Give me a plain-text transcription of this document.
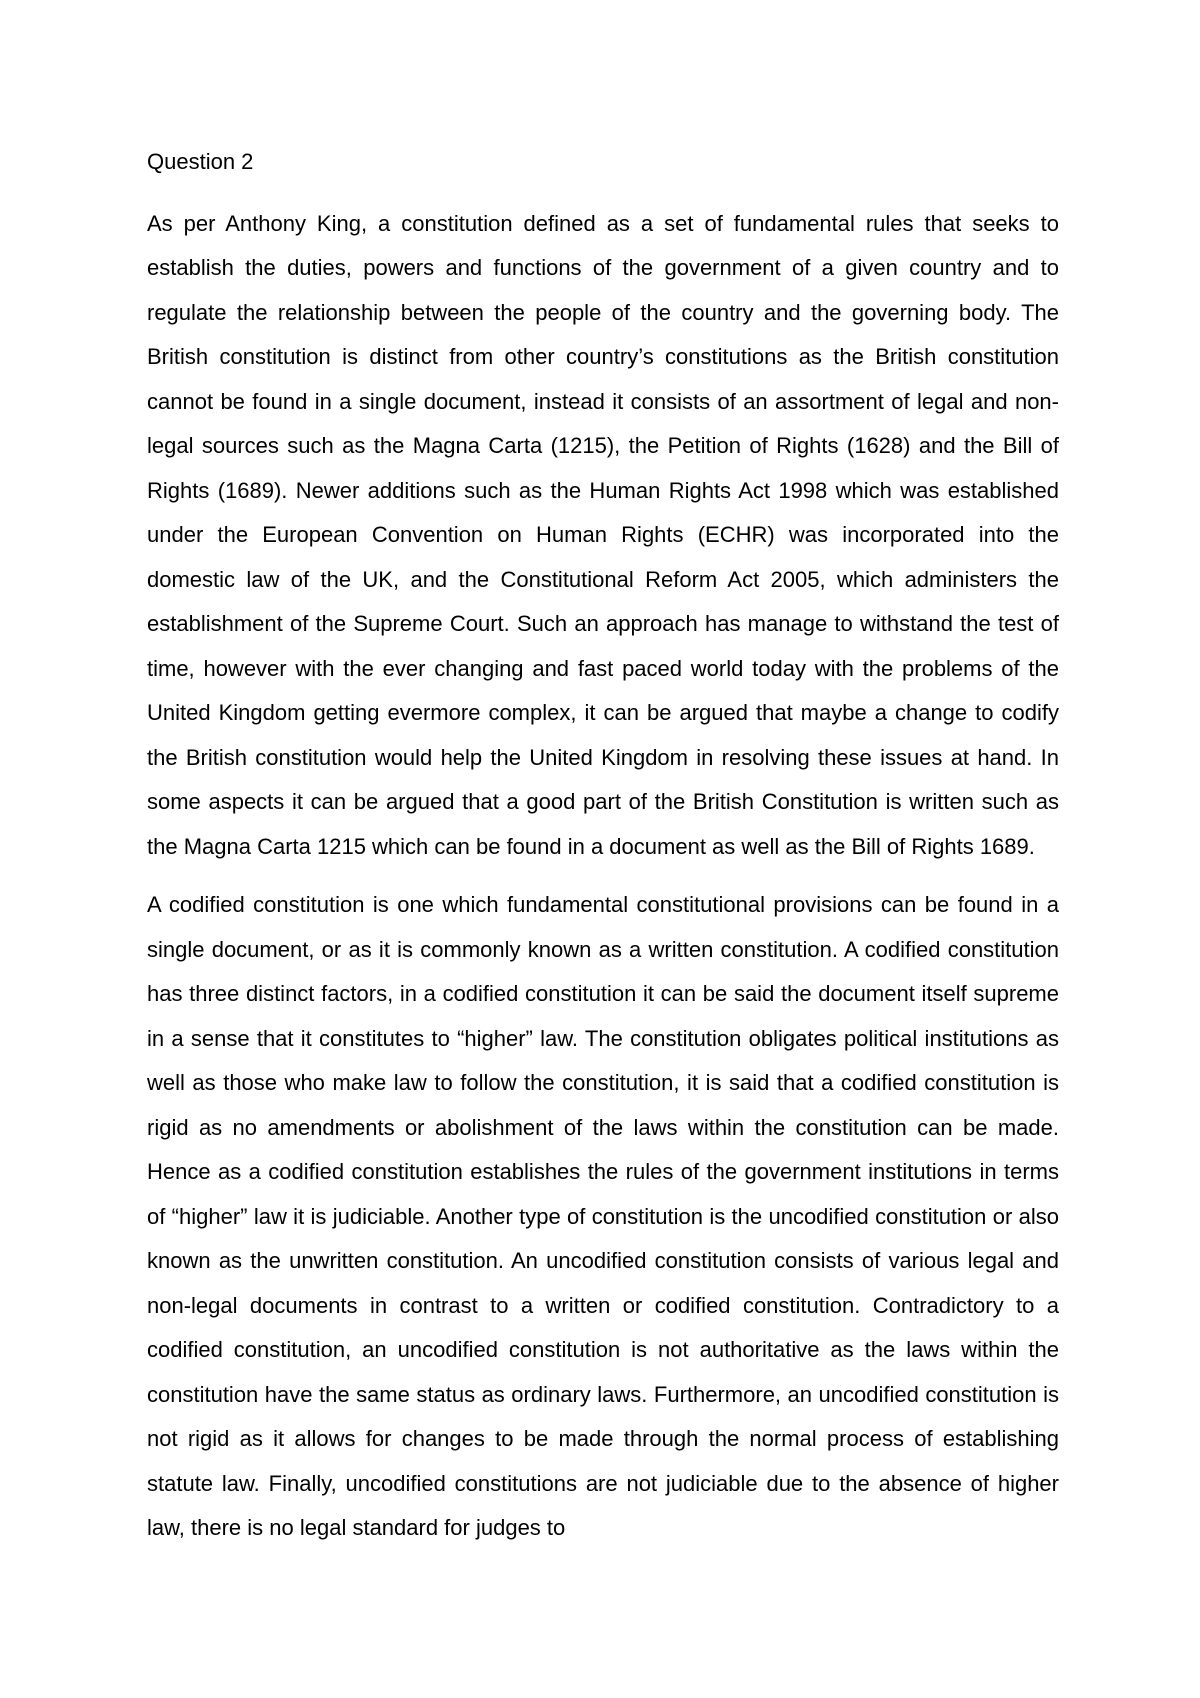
Question 2

As per Anthony King, a constitution defined as a set of fundamental rules that seeks to establish the duties, powers and functions of the government of a given country and to regulate the relationship between the people of the country and the governing body. The British constitution is distinct from other country’s constitutions as the British constitution cannot be found in a single document, instead it consists of an assortment of legal and non-legal sources such as the Magna Carta (1215), the Petition of Rights (1628) and the Bill of Rights (1689). Newer additions such as the Human Rights Act 1998 which was established under the European Convention on Human Rights (ECHR) was incorporated into the domestic law of the UK, and the Constitutional Reform Act 2005, which administers the establishment of the Supreme Court. Such an approach has manage to withstand the test of time, however with the ever changing and fast paced world today with the problems of the United Kingdom getting evermore complex, it can be argued that maybe a change to codify the British constitution would help the United Kingdom in resolving these issues at hand. In some aspects it can be argued that a good part of the British Constitution is written such as the Magna Carta 1215 which can be found in a document as well as the Bill of Rights 1689.

A codified constitution is one which fundamental constitutional provisions can be found in a single document, or as it is commonly known as a written constitution. A codified constitution has three distinct factors, in a codified constitution it can be said the document itself supreme in a sense that it constitutes to “higher” law. The constitution obligates political institutions as well as those who make law to follow the constitution, it is said that a codified constitution is rigid as no amendments or abolishment of the laws within the constitution can be made. Hence as a codified constitution establishes the rules of the government institutions in terms of “higher” law it is judiciable. Another type of constitution is the uncodified constitution or also known as the unwritten constitution. An uncodified constitution consists of various legal and non-legal documents in contrast to a written or codified constitution. Contradictory to a codified constitution, an uncodified constitution is not authoritative as the laws within the constitution have the same status as ordinary laws. Furthermore, an uncodified constitution is not rigid as it allows for changes to be made through the normal process of establishing statute law. Finally, uncodified constitutions are not judiciable due to the absence of higher law, there is no legal standard for judges to
